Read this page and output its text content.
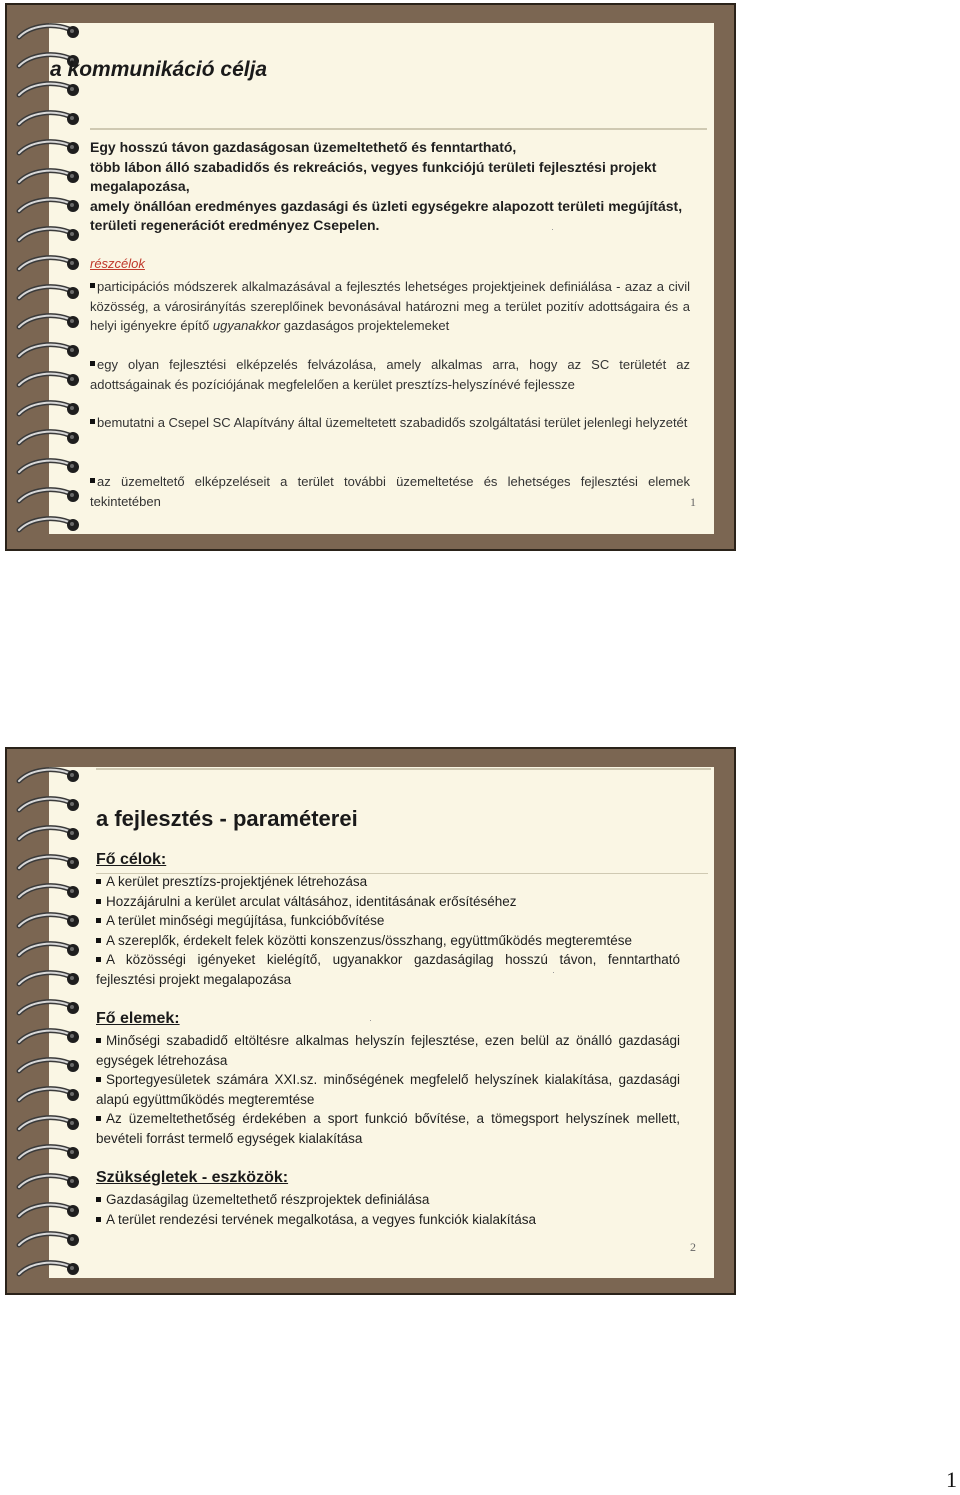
a kommunikáció célja
Egy hosszú távon gazdaságosan üzemeltethető és fenntartható,
több lábon álló szabadidős és rekreációs, vegyes funkciójú területi fejlesztési projekt
megalapozása,
amely önállóan eredményes gazdasági és üzleti egységekre alapozott területi megújítást,
területi regenerációt eredményez Csepelen.
részcélok
participációs módszerek alkalmazásával a fejlesztés lehetséges projektjeinek definiálása - azaz a civil közösség, a városirányítás szereplőinek bevonásával határozni meg a terület pozitív adottságaira és a helyi igényekre építő ugyanakkor gazdaságos projektelemeket
egy olyan fejlesztési elképzelés felvázolása, amely alkalmas arra, hogy az SC területét az adottságainak és pozíciójának megfelelően a kerület presztízs-helyszínévé fejlessze
bemutatni a Csepel SC Alapítvány által üzemeltetett szabadidős szolgáltatási terület jelenlegi helyzetét
az üzemeltető elképzeléseit a terület további üzemeltetése és lehetséges fejlesztési elemek tekintetében	1
a fejlesztés - paraméterei
Fő célok:
A kerület presztízs-projektjének létrehozása
Hozzájárulni a kerület arculat váltásához, identitásának erősítéséhez
A terület minőségi megújítása, funkcióbővítése
A szereplők, érdekelt felek közötti konszenzus/összhang, együttműködés megteremtése
A közösségi igényeket kielégítő, ugyanakkor gazdaságilag hosszú távon, fenntartható fejlesztési projekt megalapozása
Fő elemek:
Minőségi szabadidő eltöltésre alkalmas helyszín fejlesztése, ezen belül az önálló gazdasági egységek létrehozása
Sportegyesületek számára XXI.sz. minőségének megfelelő helyszínek kialakítása, gazdasági alapú együttműködés megteremtése
Az üzemeltethetőség érdekében a sport funkció bővítése, a tömegsport helyszínek mellett, bevételi forrást termelő egységek kialakítása
Szükségletek - eszközök:
Gazdaságilag üzemeltethető részprojektek definiálása
A terület rendezési tervének megalkotása, a vegyes funkciók kialakítása
2
1
